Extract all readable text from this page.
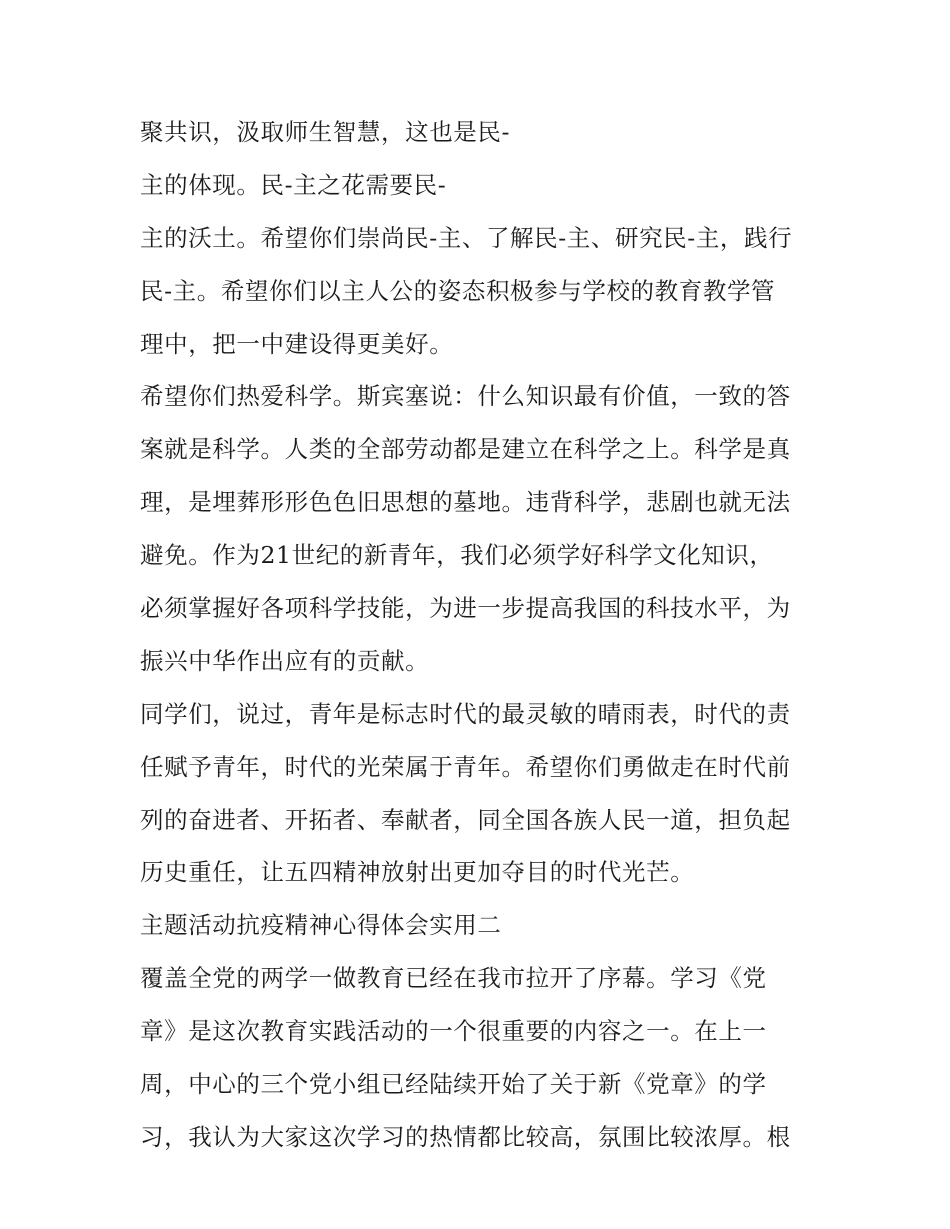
聚共识，汲取师生智慧，这也是民-
主的体现。民-主之花需要民-
主的沃土。希望你们崇尚民-主、了解民-主、研究民-主，践行
民-主。希望你们以主人公的姿态积极参与学校的教育教学管
理中，把一中建设得更美好。
希望你们热爱科学。斯宾塞说：什么知识最有价值，一致的答
案就是科学。人类的全部劳动都是建立在科学之上。科学是真
理，是埋葬形形色色旧思想的墓地。违背科学，悲剧也就无法
避免。作为21世纪的新青年，我们必须学好科学文化知识，
必须掌握好各项科学技能，为进一步提高我国的科技水平，为
振兴中华作出应有的贡献。
同学们，说过，青年是标志时代的最灵敏的晴雨表，时代的责
任赋予青年，时代的光荣属于青年。希望你们勇做走在时代前
列的奋进者、开拓者、奉献者，同全国各族人民一道，担负起
历史重任，让五四精神放射出更加夺目的时代光芒。
主题活动抗疫精神心得体会实用二
覆盖全党的两学一做教育已经在我市拉开了序幕。学习《党
章》是这次教育实践活动的一个很重要的内容之一。在上一
周，中心的三个党小组已经陆续开始了关于新《党章》的学
习，我认为大家这次学习的热情都比较高，氛围比较浓厚。根
